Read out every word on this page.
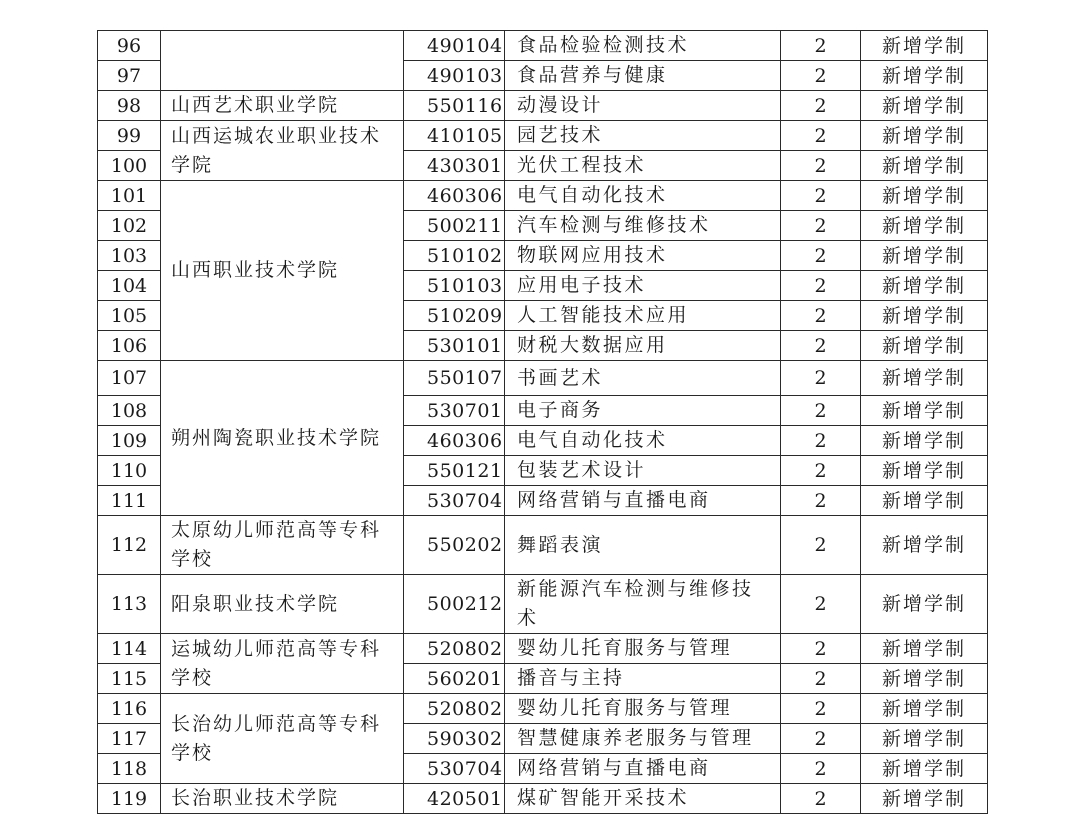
96		490104	食品检验检测技术	2	新增学制
97		490103	食品营养与健康	2	新增学制
98	山西艺术职业学院	550116	动漫设计	2	新增学制
99	山西运城农业职业技术学院	410105	园艺技术	2	新增学制
100		430301	光伏工程技术	2	新增学制
101	山西职业技术学院	460306	电气自动化技术	2	新增学制
102		500211	汽车检测与维修技术	2	新增学制
103		510102	物联网应用技术	2	新增学制
104		510103	应用电子技术	2	新增学制
105		510209	人工智能技术应用	2	新增学制
106		530101	财税大数据应用	2	新增学制
107	朔州陶瓷职业技术学院	550107	书画艺术	2	新增学制
108		530701	电子商务	2	新增学制
109		460306	电气自动化技术	2	新增学制
110		550121	包装艺术设计	2	新增学制
111		530704	网络营销与直播电商	2	新增学制
112	太原幼儿师范高等专科学校	550202	舞蹈表演	2	新增学制
113	阳泉职业技术学院	500212	新能源汽车检测与维修技术	2	新增学制
114	运城幼儿师范高等专科学校	520802	婴幼儿托育服务与管理	2	新增学制
115		560201	播音与主持	2	新增学制
116	长治幼儿师范高等专科学校	520802	婴幼儿托育服务与管理	2	新增学制
117		590302	智慧健康养老服务与管理	2	新增学制
118		530704	网络营销与直播电商	2	新增学制
119	长治职业技术学院	420501	煤矿智能开采技术	2	新增学制
